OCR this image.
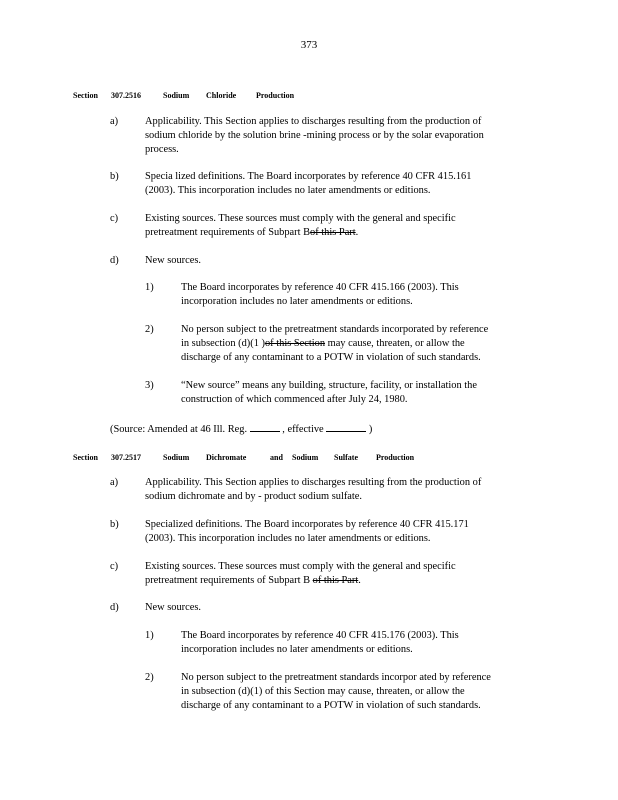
373
Section 307.2516	Sodium Chloride Production
a)	Applicability. This Section applies to discharges resulting from the production of
sodium chloride by the solution brine -mining process or by the solar evaporation
process.
b)	Specia lized definitions. The Board incorporates by reference 40 CFR 415.161
(2003). This incorporation includes no later amendments or editions.
c)	Existing sources. These sources must comply with the general and specific
pretreatment requirements of Subpart Bof this Part.
d)	New sources.
1)	The Board incorporates by reference 40 CFR 415.166 (2003). This
incorporation includes no later amendments or editions.
2)	No person subject to the pretreatment standards incorporated by reference
in subsection (d)(1 )of this Section may cause, threaten, or allow the
discharge of any contaminant to a POTW in violation of such standards.
3)	“New source” means any building, structure, facility, or installation the
construction of which commenced after July 24, 1980.
(Source: Amended at 46 Ill. Reg.	, effective	)
Section 307.2517	Sodium Dichromate	and Sodium Sulfate Production
a)	Applicability. This Section applies to discharges resulting from the production of
sodium dichromate and by - product sodium sulfate.
b)	Specialized definitions. The Board incorporates by reference 40 CFR 415.171
(2003). This incorporation includes no later amendments or editions.
c)	Existing sources. These sources must comply with the general and specific
pretreatment requirements of Subpart B of this Part.
d)	New sources.
1)	The Board incorporates by reference 40 CFR 415.176 (2003). This
incorporation includes no later amendments or editions.
2)	No person subject to the pretreatment standards incorpor ated by reference
in subsection (d)(1) of this Section may cause, threaten, or allow the
discharge of any contaminant to a POTW in violation of such standards.
